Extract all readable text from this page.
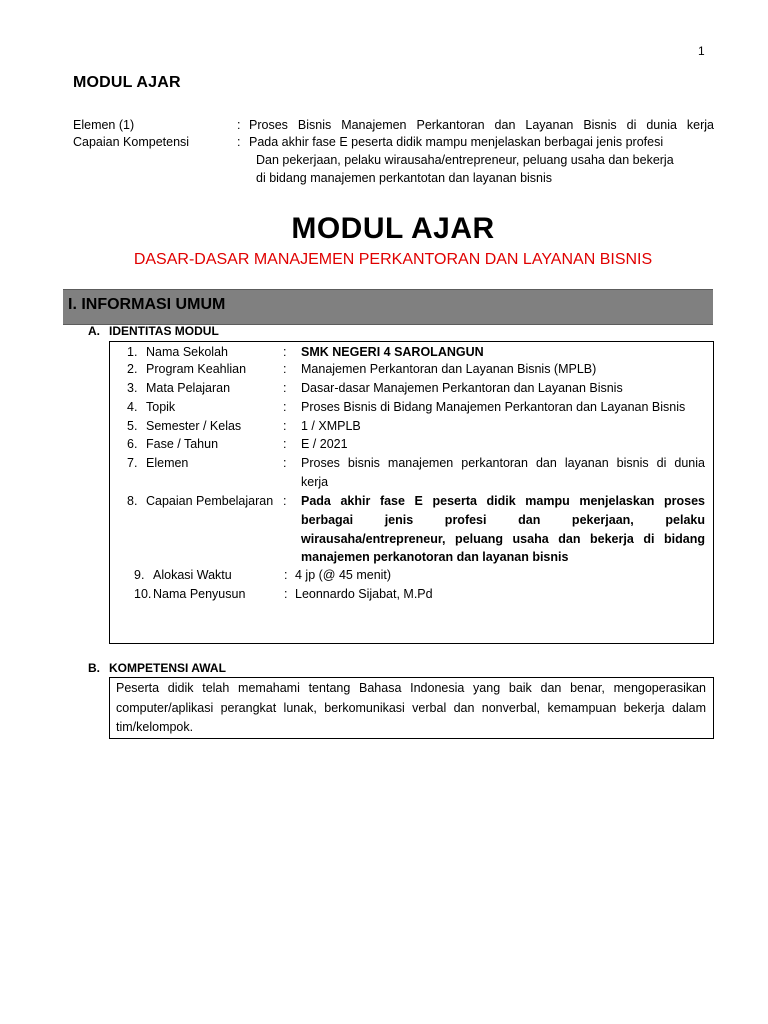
1
MODUL AJAR
Elemen (1)	: Proses Bisnis Manajemen Perkantoran dan Layanan Bisnis di dunia kerja
Capaian Kompetensi	: Pada akhir fase E peserta didik mampu menjelaskan berbagai jenis profesi
Dan pekerjaan, pelaku wirausaha/entrepreneur, peluang usaha dan bekerja
di bidang manajemen perkantotan dan layanan bisnis
MODUL AJAR
DASAR-DASAR MANAJEMEN PERKANTORAN DAN LAYANAN BISNIS
I. INFORMASI UMUM
A. IDENTITAS MODUL
1. Nama Sekolah	: SMK NEGERI 4 SAROLANGUN
2. Program Keahlian	: Manajemen Perkantoran dan Layanan Bisnis (MPLB)
3. Mata Pelajaran	: Dasar-dasar Manajemen Perkantoran dan Layanan Bisnis
4. Topik	: Proses Bisnis di Bidang Manajemen Perkantoran dan Layanan Bisnis
5. Semester / Kelas	: 1 / XMPLB
6. Fase / Tahun	: E / 2021
7. Elemen	: Proses bisnis manajemen perkantoran dan layanan bisnis di dunia
kerja
8. Capaian Pembelajaran : Pada akhir fase E peserta didik mampu menjelaskan proses
berbagai jenis profesi dan pekerjaan, pelaku
wirausaha/entrepreneur, peluang usaha dan bekerja di bidang
manajemen perkanotoran dan layanan bisnis
9. Alokasi Waktu	: 4 jp (@ 45 menit)
10. Nama Penyusun	: Leonnardo Sijabat, M.Pd
B. KOMPETENSI AWAL
Peserta didik telah memahami tentang Bahasa Indonesia yang baik dan benar, mengoperasikan computer/aplikasi perangkat lunak, berkomunikasi verbal dan nonverbal, kemampuan bekerja dalam tim/kelompok.
